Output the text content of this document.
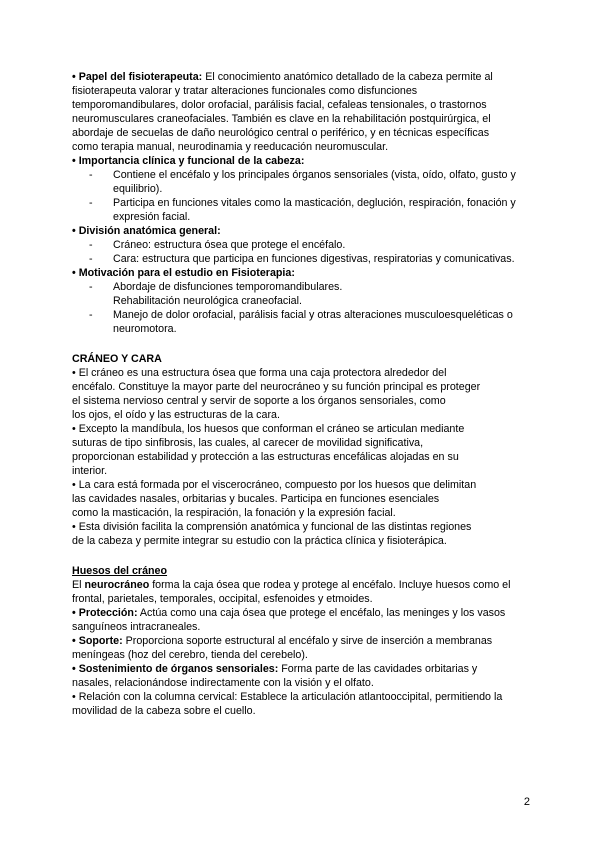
• Papel del fisioterapeuta: El conocimiento anatómico detallado de la cabeza permite al
fisioterapeuta valorar y tratar alteraciones funcionales como disfunciones
temporomandibulares, dolor orofacial, parálisis facial, cefaleas tensionales, o trastornos
neuromusculares craneofaciales. También es clave en la rehabilitación postquirúrgica, el
abordaje de secuelas de daño neurológico central o periférico, y en técnicas específicas
como terapia manual, neurodinamia y reeducación neuromuscular.

• Importancia clínica y funcional de la cabeza:

- Contiene el encéfalo y los principales órganos sensoriales (vista, oído, olfato, gusto y
equilibrio).
- Participa en funciones vitales como la masticación, deglución, respiración, fonación y
expresión facial.

• División anatómica general:

- Cráneo: estructura ósea que protege el encéfalo.
- Cara: estructura que participa en funciones digestivas, respiratorias y comunicativas.

• Motivación para el estudio en Fisioterapia:

- Abordaje de disfunciones temporomandibulares.
Rehabilitación neurológica craneofacial.
- Manejo de dolor orofacial, parálisis facial y otras alteraciones musculoesqueléticas o
neuromotora.

CRÁNEO Y CARA

• El cráneo es una estructura ósea que forma una caja protectora alrededor del
encéfalo. Constituye la mayor parte del neurocráneo y su función principal es proteger
el sistema nervioso central y servir de soporte a los órganos sensoriales, como
los ojos, el oído y las estructuras de la cara.

• Excepto la mandíbula, los huesos que conforman el cráneo se articulan mediante
suturas de tipo sinfibrosis, las cuales, al carecer de movilidad significativa,
proporcionan estabilidad y protección a las estructuras encefálicas alojadas en su
interior.

• La cara está formada por el viscerocráneo, compuesto por los huesos que delimitan
las cavidades nasales, orbitarias y bucales. Participa en funciones esenciales
como la masticación, la respiración, la fonación y la expresión facial.

• Esta división facilita la comprensión anatómica y funcional de las distintas regiones
de la cabeza y permite integrar su estudio con la práctica clínica y fisioterápica.

Huesos del cráneo

El neurocráneo forma la caja ósea que rodea y protege al encéfalo. Incluye huesos como el
frontal, parietales, temporales, occipital, esfenoides y etmoides.

• Protección: Actúa como una caja ósea que protege el encéfalo, las meninges y los vasos
sanguíneos intracraneales.

• Soporte: Proporciona soporte estructural al encéfalo y sirve de inserción a membranas
meníngeas (hoz del cerebro, tienda del cerebelo).

• Sostenimiento de órganos sensoriales: Forma parte de las cavidades orbitarias y
nasales, relacionándose indirectamente con la visión y el olfato.

• Relación con la columna cervical: Establece la articulación atlantooccipital, permitiendo la
movilidad de la cabeza sobre el cuello.

2
